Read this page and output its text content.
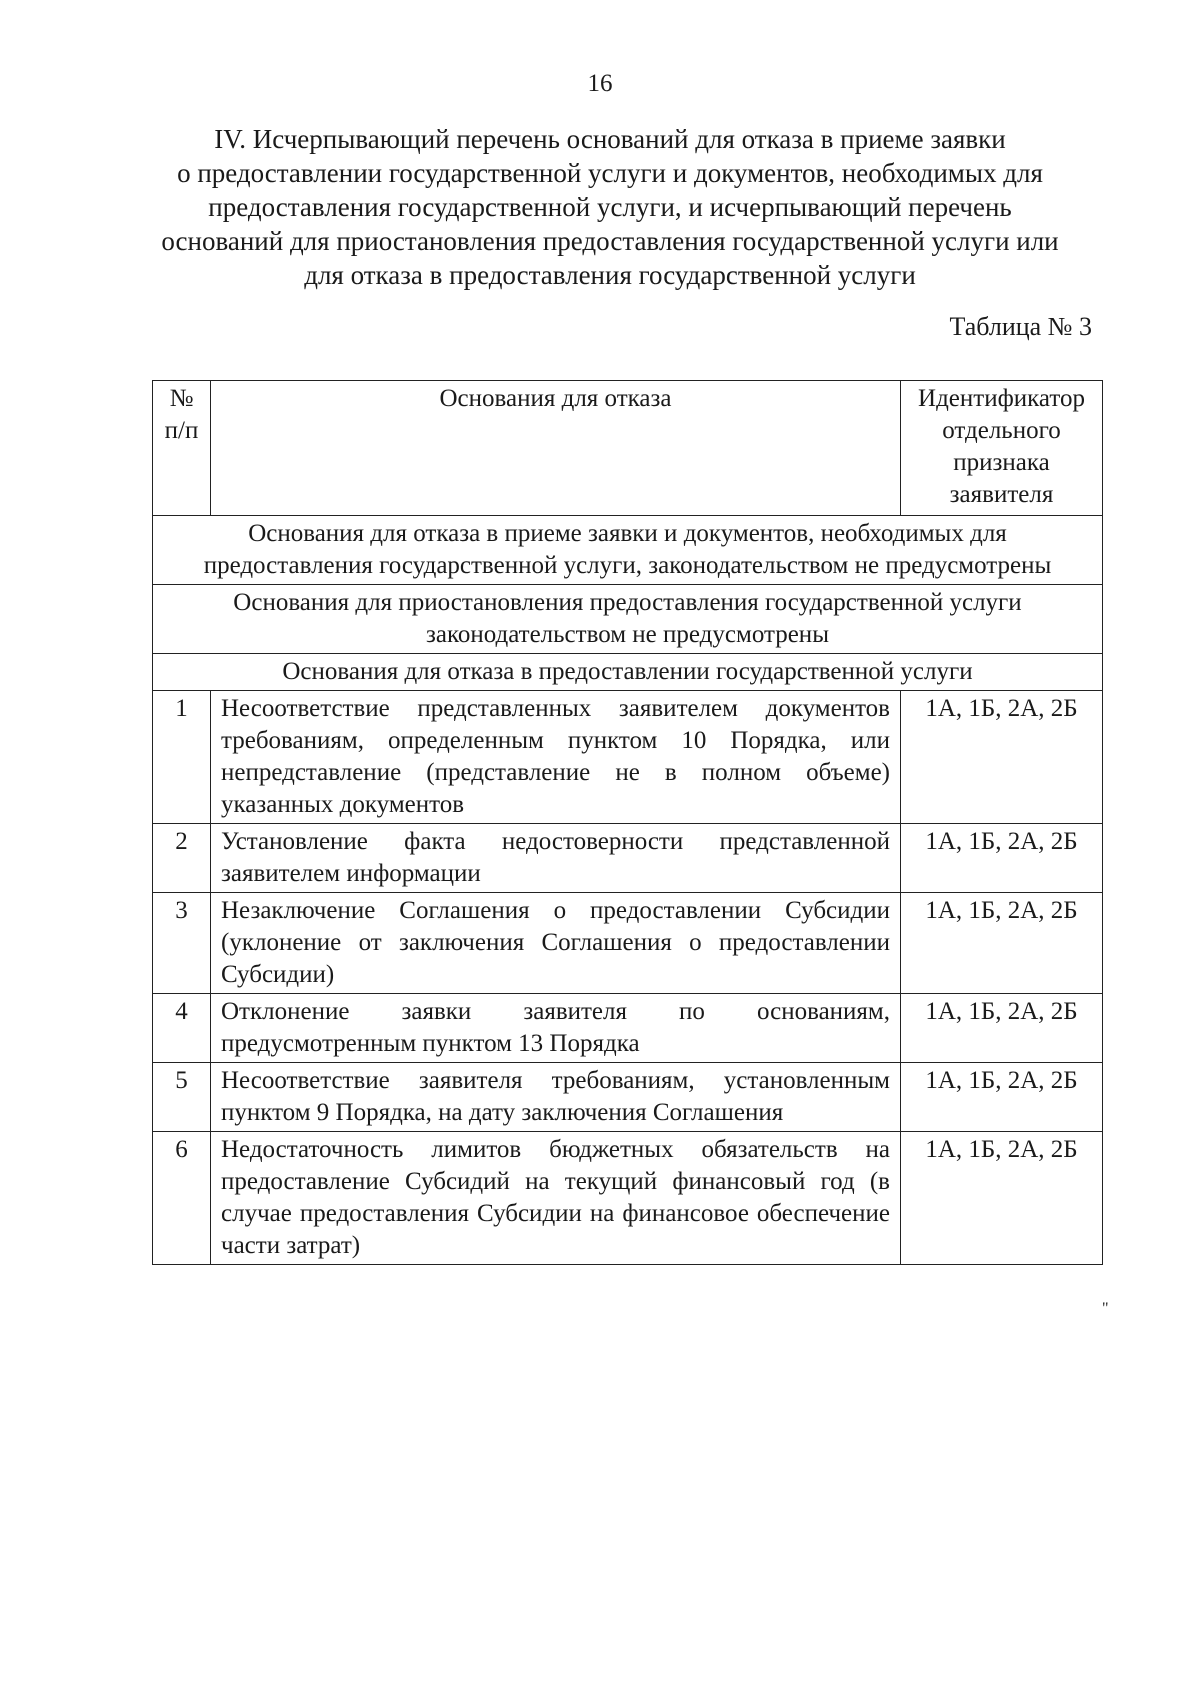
16
IV. Исчерпывающий перечень оснований для отказа в приеме заявки
о предоставлении государственной услуги и документов, необходимых для
предоставления государственной услуги, и исчерпывающий перечень
оснований для приостановления предоставления государственной услуги или
для отказа в предоставления государственной услуги
Таблица № 3
№ п/п	Основания для отказа	Идентификатор отдельного признака заявителя
Основания для отказа в приеме заявки и документов, необходимых для предоставления государственной услуги, законодательством не предусмотрены		
Основания для приостановления предоставления государственной услуги законодательством не предусмотрены		
Основания для отказа в предоставлении государственной услуги		
1	Несоответствие представленных заявителем документов требованиям, определенным пунктом 10 Порядка, или непредставление (представление не в полном объеме) указанных документов	1А, 1Б, 2А, 2Б
2	Установление факта недостоверности представленной заявителем информации	1А, 1Б, 2А, 2Б
3	Незаключение Соглашения о предоставлении Субсидии (уклонение от заключения Соглашения о предоставлении Субсидии)	1А, 1Б, 2А, 2Б
4	Отклонение заявки заявителя по основаниям, предусмотренным пунктом 13 Порядка	1А, 1Б, 2А, 2Б
5	Несоответствие заявителя требованиям, установленным пунктом 9 Порядка, на дату заключения Соглашения	1А, 1Б, 2А, 2Б
6	Недостаточность лимитов бюджетных обязательств на предоставление Субсидий на текущий финансовый год (в случае предоставления Субсидии на финансовое обеспечение части затрат)	1А, 1Б, 2А, 2Б
"
